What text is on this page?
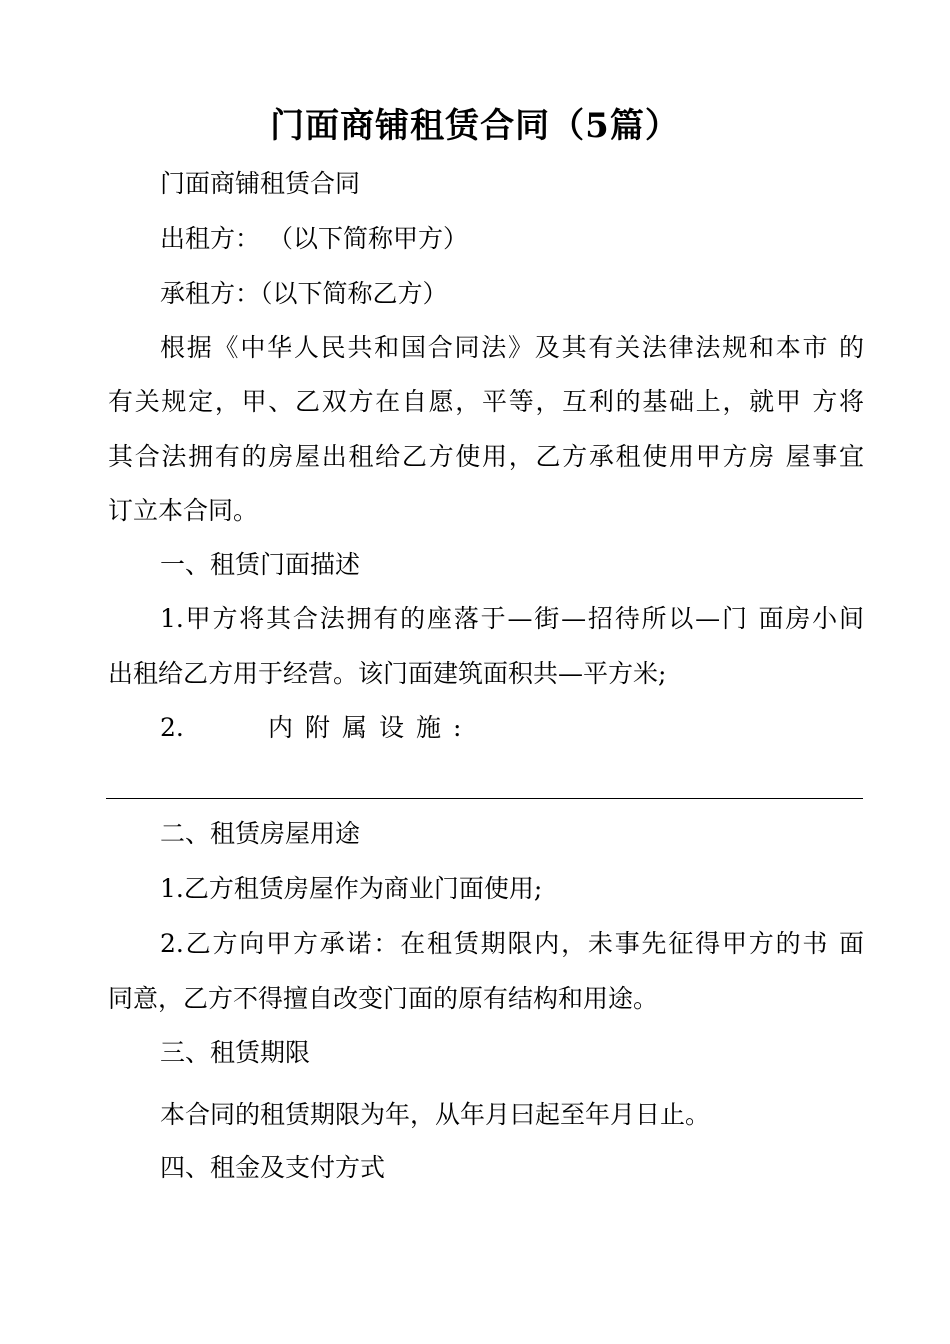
门面商铺租赁合同（5篇）

门面商铺租赁合同

出租方： （以下简称甲方）

承租方：（以下简称乙方）

根据《中华人民共和国合同法》及其有关法律法规和本市 的

有关规定，甲、乙双方在自愿，平等，互利的基础上，就甲 方将

其合法拥有的房屋出租给乙方使用，乙方承租使用甲方房 屋事宜

订立本合同。

一、租赁门面描述

1.甲方将其合法拥有的座落于—街—招待所以—门 面房小间

出租给乙方用于经营。该门面建筑面积共—平方米;

2.	内附属设施:

二、租赁房屋用途

1.乙方租赁房屋作为商业门面使用;

2.乙方向甲方承诺：在租赁期限内，未事先征得甲方的书 面

同意，乙方不得擅自改变门面的原有结构和用途。

三、租赁期限

本合同的租赁期限为年，从年月曰起至年月日止。

四、租金及支付方式
